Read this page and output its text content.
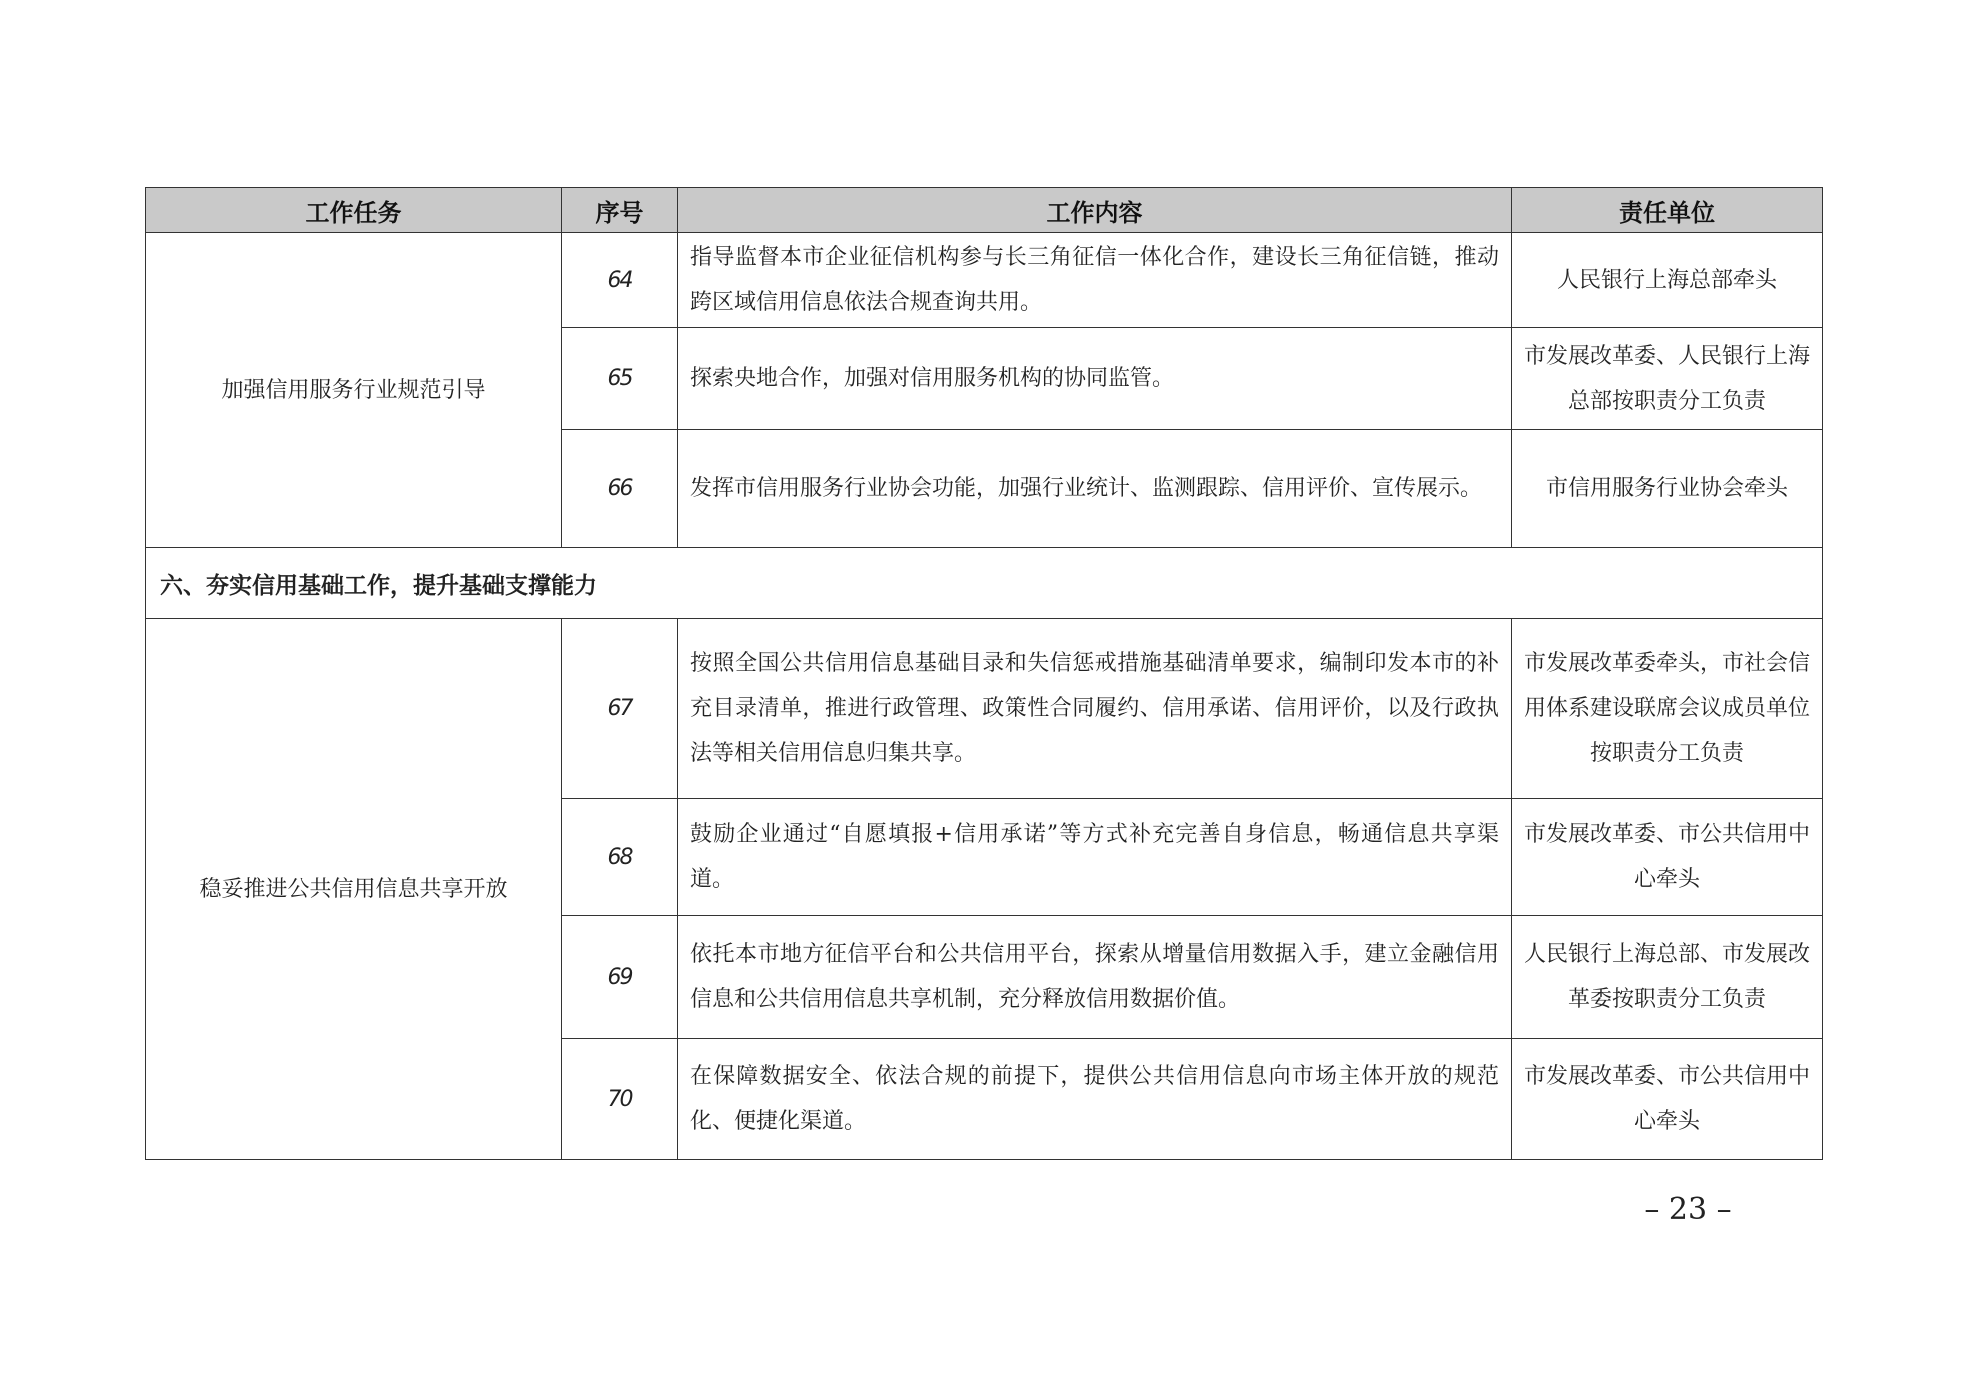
工作任务	序号	工作内容	责任单位
加强信用服务行业规范引导	64	指导监督本市企业征信机构参与长三角征信一体化合作，建设长三角征信链，推动跨区域信用信息依法合规查询共用。	人民银行上海总部牵头
	65	探索央地合作，加强对信用服务机构的协同监管。	市发展改革委、人民银行上海总部按职责分工负责
	66	发挥市信用服务行业协会功能，加强行业统计、监测跟踪、信用评价、宣传展示。	市信用服务行业协会牵头
六、夯实信用基础工作，提升基础支撑能力			
稳妥推进公共信用信息共享开放	67	按照全国公共信用信息基础目录和失信惩戒措施基础清单要求，编制印发本市的补充目录清单，推进行政管理、政策性合同履约、信用承诺、信用评价，以及行政执法等相关信用信息归集共享。	市发展改革委牵头，市社会信用体系建设联席会议成员单位按职责分工负责
	68	鼓励企业通过“自愿填报+信用承诺”等方式补充完善自身信息，畅通信息共享渠道。	市发展改革委、市公共信用中心牵头
	69	依托本市地方征信平台和公共信用平台，探索从增量信用数据入手，建立金融信用信息和公共信用信息共享机制，充分释放信用数据价值。	人民银行上海总部、市发展改革委按职责分工负责
	70	在保障数据安全、依法合规的前提下，提供公共信用信息向市场主体开放的规范化、便捷化渠道。	市发展改革委、市公共信用中心牵头
– 23 –
